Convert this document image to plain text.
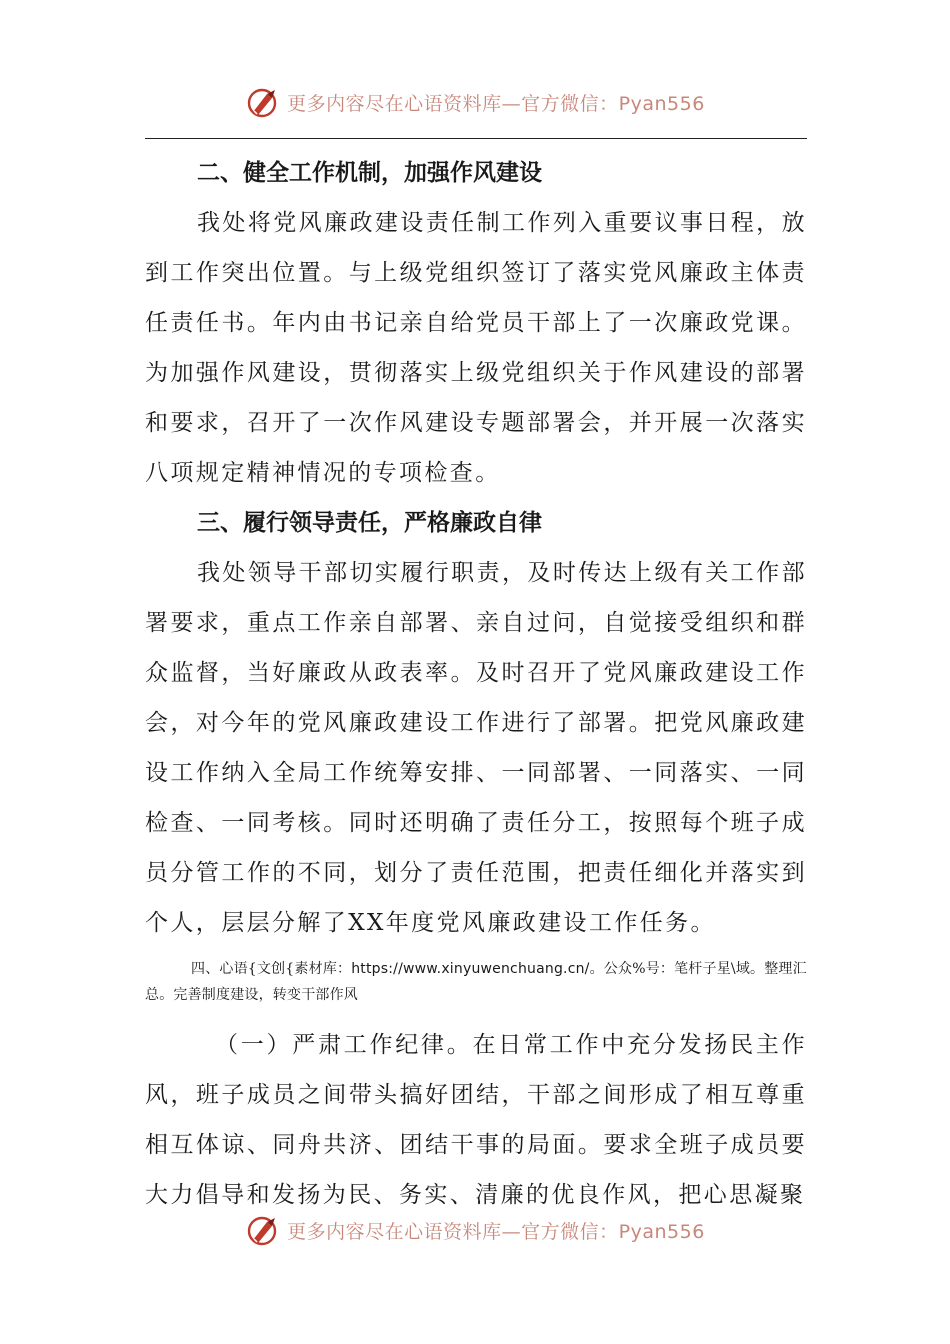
更多内容尽在心语资料库—官方微信：Pyan556
二、健全工作机制，加强作风建设
我处将党风廉政建设责任制工作列入重要议事日程，放到工作突出位置。与上级党组织签订了落实党风廉政主体责任责任书。年内由书记亲自给党员干部上了一次廉政党课。为加强作风建设，贯彻落实上级党组织关于作风建设的部署和要求，召开了一次作风建设专题部署会，并开展一次落实八项规定精神情况的专项检查。
三、履行领导责任，严格廉政自律
我处领导干部切实履行职责，及时传达上级有关工作部署要求，重点工作亲自部署、亲自过问，自觉接受组织和群众监督，当好廉政从政表率。及时召开了党风廉政建设工作会，对今年的党风廉政建设工作进行了部署。把党风廉政建设工作纳入全局工作统筹安排、一同部署、一同落实、一同检查、一同考核。同时还明确了责任分工，按照每个班子成员分管工作的不同，划分了责任范围，把责任细化并落实到个人，层层分解了XX年度党风廉政建设工作任务。
四、心语{文创{素材库：https://www.xinyuwenchuang.cn/。公众%号：笔杆子星\域。整理汇总。完善制度建设，转变干部作风
（一）严肃工作纪律。在日常工作中充分发扬民主作风，班子成员之间带头搞好团结，干部之间形成了相互尊重相互体谅、同舟共济、团结干事的局面。要求全班子成员要大力倡导和发扬为民、务实、清廉的优良作风，把心思凝聚
更多内容尽在心语资料库—官方微信：Pyan556
